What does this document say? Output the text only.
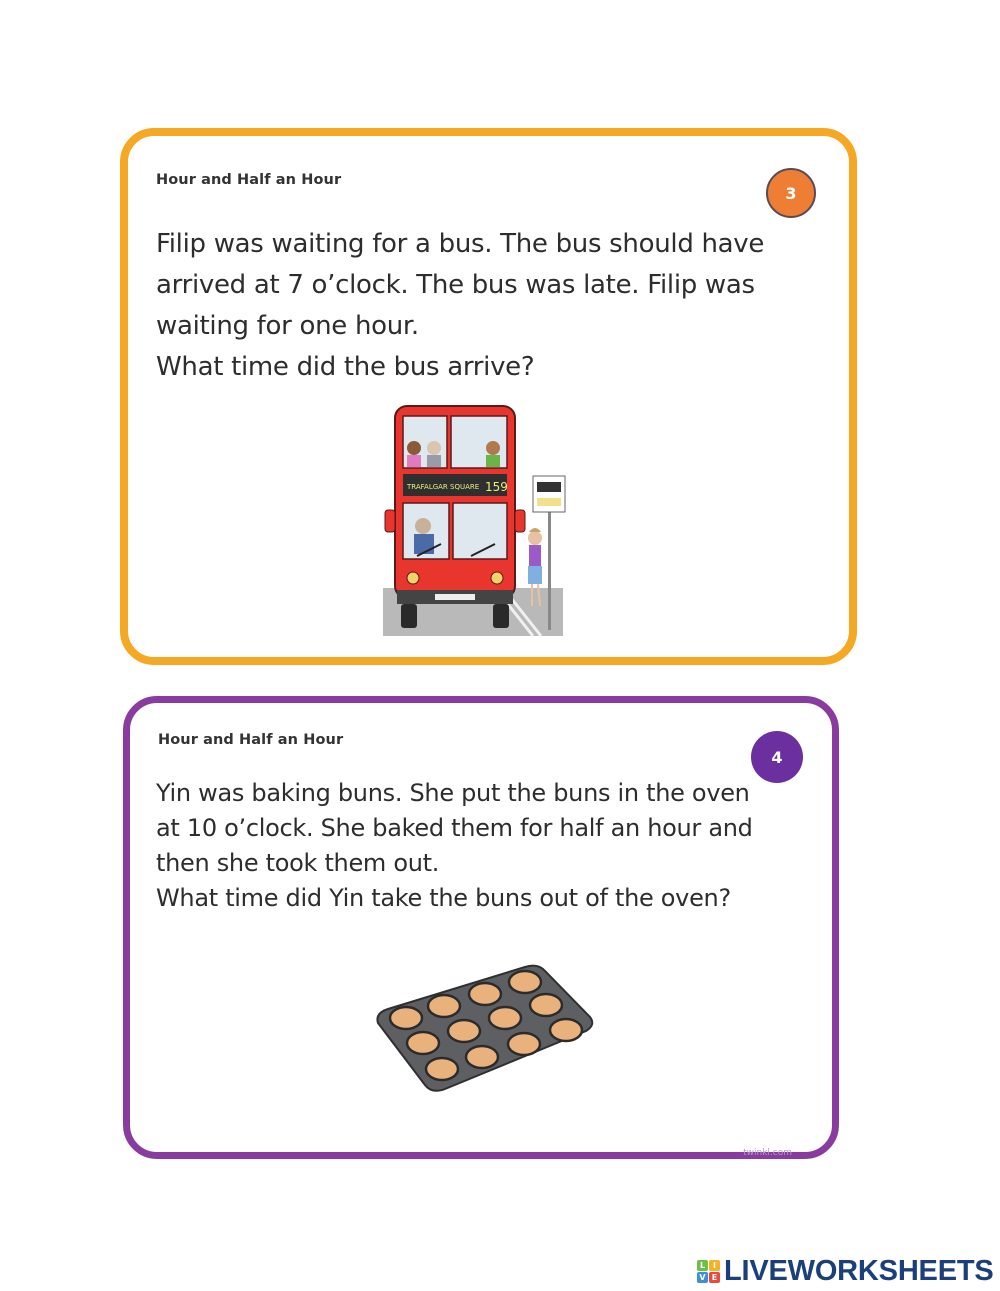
Hour and Half an Hour
3
Filip was waiting for a bus. The bus should have
arrived at 7 o’clock. The bus was late. Filip was
waiting for one hour.
What time did the bus arrive?
TRAFALGAR SQUARE 159
Hour and Half an Hour
4
Yin was baking buns. She put the buns in the oven
at 10 o’clock. She baked them for half an hour and
then she took them out.
What time did Yin take the buns out of the oven?
twinkl.com
L I
V E LIVEWORKSHEETS
